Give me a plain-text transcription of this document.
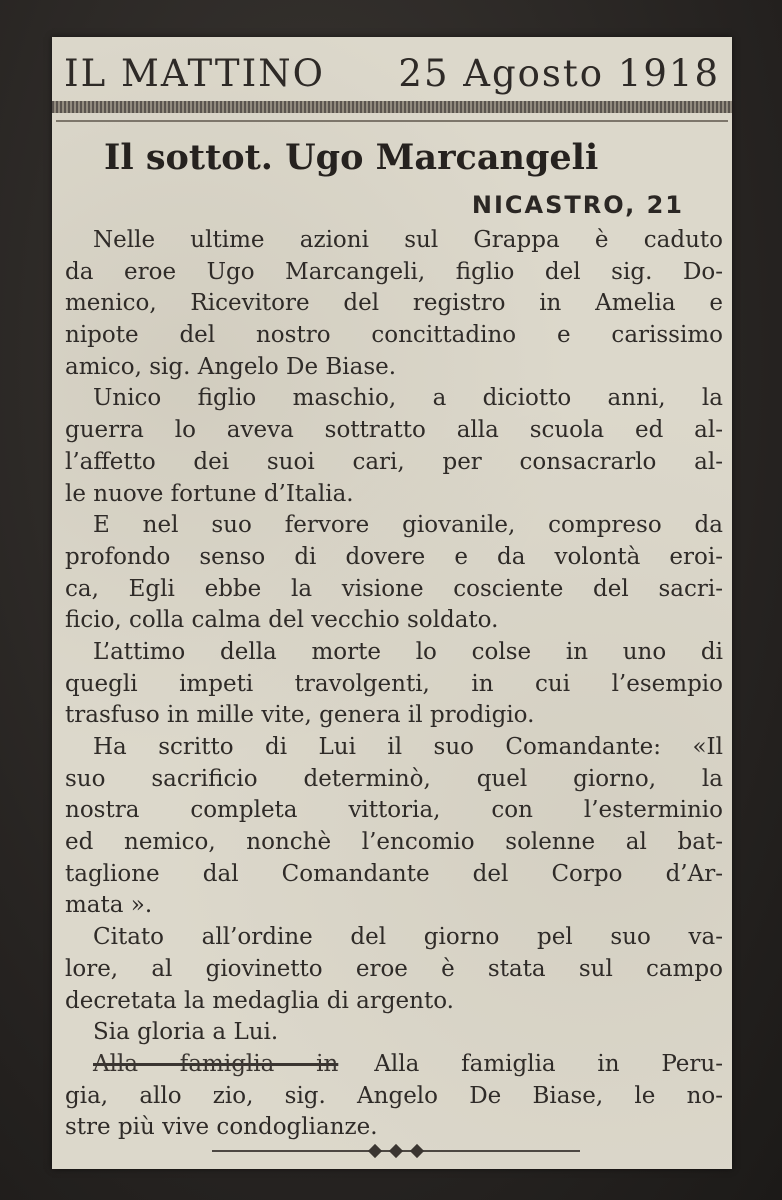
IL MATTINO 25 Agosto 1918
Il sottot. Ugo Marcangeli
NICASTRO, 21
Nelle ultime azioni sul Grappa è caduto
da eroe Ugo Marcangeli, figlio del sig. Do-
menico, Ricevitore del registro in Amelia e
nipote del nostro concittadino e carissimo
amico, sig. Angelo De Biase.
Unico figlio maschio, a diciotto anni, la
guerra lo aveva sottratto alla scuola ed al-
l’affetto dei suoi cari, per consacrarlo al-
le nuove fortune d’Italia.
E nel suo fervore giovanile, compreso da
profondo senso di dovere e da volontà eroi-
ca, Egli ebbe la visione cosciente del sacri-
ficio, colla calma del vecchio soldato.
L’attimo della morte lo colse in uno di
quegli impeti travolgenti, in cui l’esempio
trasfuso in mille vite, genera il prodigio.
Ha scritto di Lui il suo Comandante: «Il
suo sacrificio determinò, quel giorno, la
nostra completa vittoria, con l’esterminio
ed nemico, nonchè l’encomio solenne al bat-
taglione dal Comandante del Corpo d’Ar-
mata ».
Citato all’ordine del giorno pel suo va-
lore, al giovinetto eroe è stata sul campo
decretata la medaglia di argento.
Sia gloria a Lui.
Alla famiglia in Alla famiglia in Peru-
gia, allo zio, sig. Angelo De Biase, le no-
stre più vive condoglianze.
